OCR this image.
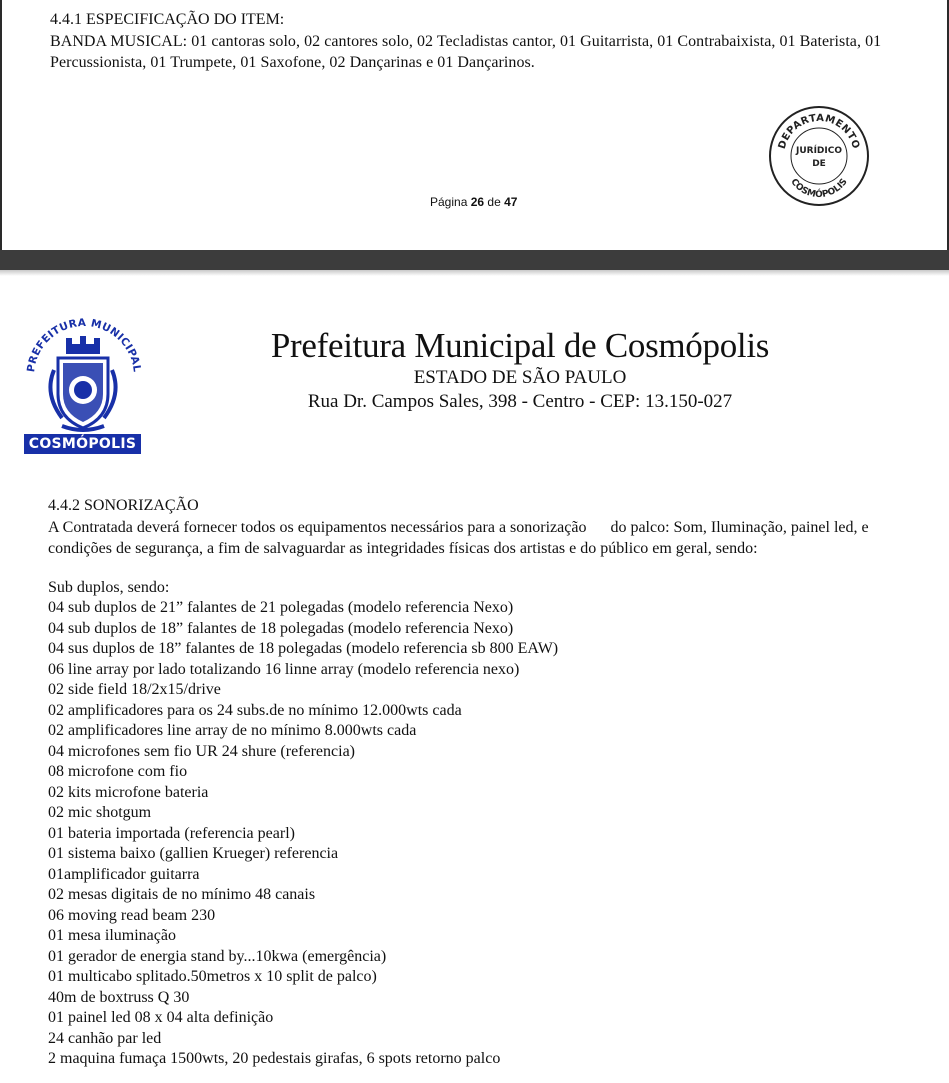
4.4.1 ESPECIFICAÇÃO DO ITEM:

BANDA MUSICAL: 01 cantoras solo, 02 cantores solo, 02 Tecladistas cantor, 01 Guitarrista, 01 Contrabaixista, 01 Baterista, 01 Percussionista, 01 Trumpete, 01 Saxofone, 02 Dançarinas e 01 Dançarinos.

DEPARTAMENTO
JURÍDICO
DE
COSMÓPOLIS
Página 26 de 47
PREFEITURA MUNICIPAL
COSMÓPOLIS
Prefeitura Municipal de Cosmópolis
ESTADO DE SÃO PAULO
Rua Dr. Campos Sales, 398 - Centro - CEP: 13.150-027
4.4.2 SONORIZAÇÃO

A Contratada deverá fornecer todos os equipamentos necessários para a sonorização      do palco: Som, Iluminação, painel led, e condições de segurança, a fim de salvaguardar as integridades físicas dos artistas e do público em geral, sendo:

Sub duplos, sendo:
04 sub duplos de 21” falantes de 21 polegadas (modelo referencia Nexo)
04 sub duplos de 18” falantes de 18 polegadas (modelo referencia Nexo)
04 sus duplos de 18” falantes de 18 polegadas (modelo referencia sb 800 EAW)
06 line array por lado totalizando 16 linne array (modelo referencia nexo)
02 side field 18/2x15/drive
02 amplificadores para os 24 subs.de no mínimo 12.000wts cada
02 amplificadores line array de no mínimo 8.000wts cada
04 microfones sem fio UR 24 shure (referencia)
08 microfone com fio
02 kits microfone bateria
02 mic shotgum
01 bateria importada (referencia pearl)
01 sistema baixo (gallien Krueger) referencia
01amplificador guitarra
02 mesas digitais de no mínimo 48 canais
06 moving read beam 230
01 mesa iluminação
01 gerador de energia stand by...10kwa (emergência)
01 multicabo splitado.50metros x 10 split de palco)
40m de boxtruss Q 30
01 painel led 08 x 04 alta definição
24 canhão par led
2 maquina fumaça 1500wts, 20 pedestais girafas, 6 spots retorno palco
